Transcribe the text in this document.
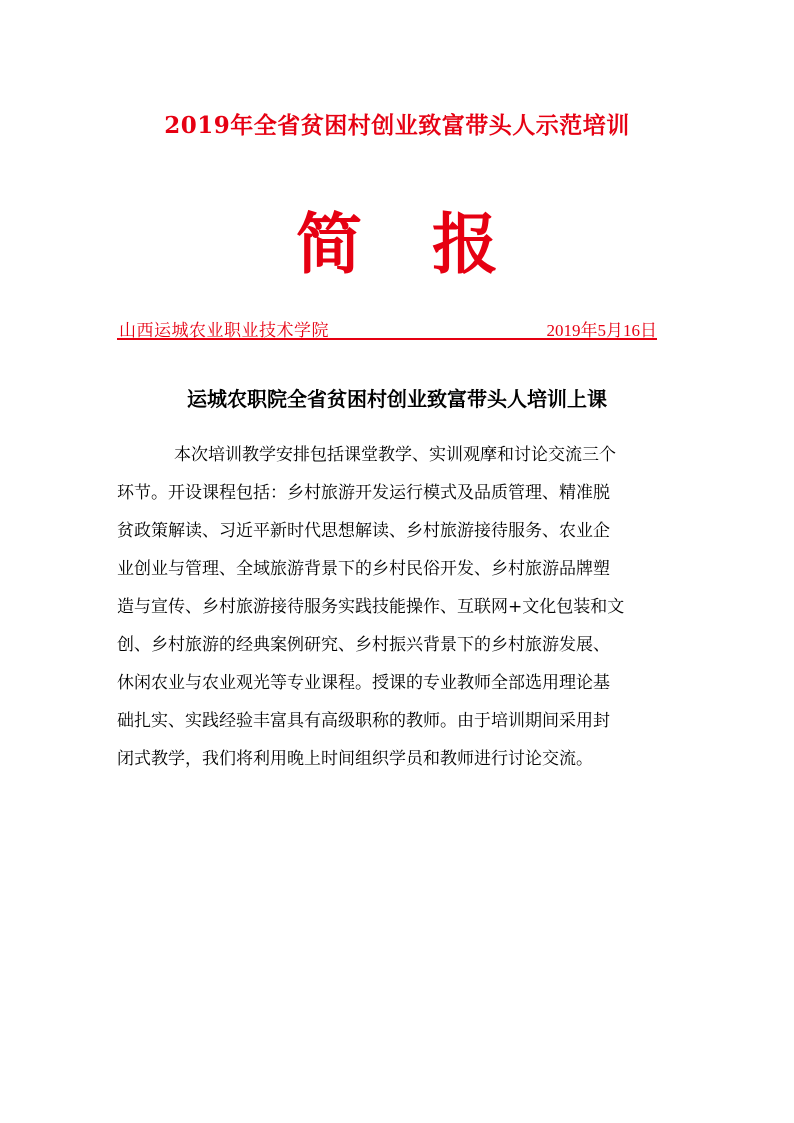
2019年全省贫困村创业致富带头人示范培训
简报
山西运城农业职业技术学院	2019年5月16日
运城农职院全省贫困村创业致富带头人培训上课
本次培训教学安排包括课堂教学、实训观摩和讨论交流三个
环节。开设课程包括：乡村旅游开发运行模式及品质管理、精准脱
贫政策解读、习近平新时代思想解读、乡村旅游接待服务、农业企
业创业与管理、全域旅游背景下的乡村民俗开发、乡村旅游品牌塑
造与宣传、乡村旅游接待服务实践技能操作、互联网+文化包装和文
创、乡村旅游的经典案例研究、乡村振兴背景下的乡村旅游发展、
休闲农业与农业观光等专业课程。授课的专业教师全部选用理论基
础扎实、实践经验丰富具有高级职称的教师。由于培训期间采用封
闭式教学，我们将利用晚上时间组织学员和教师进行讨论交流。
